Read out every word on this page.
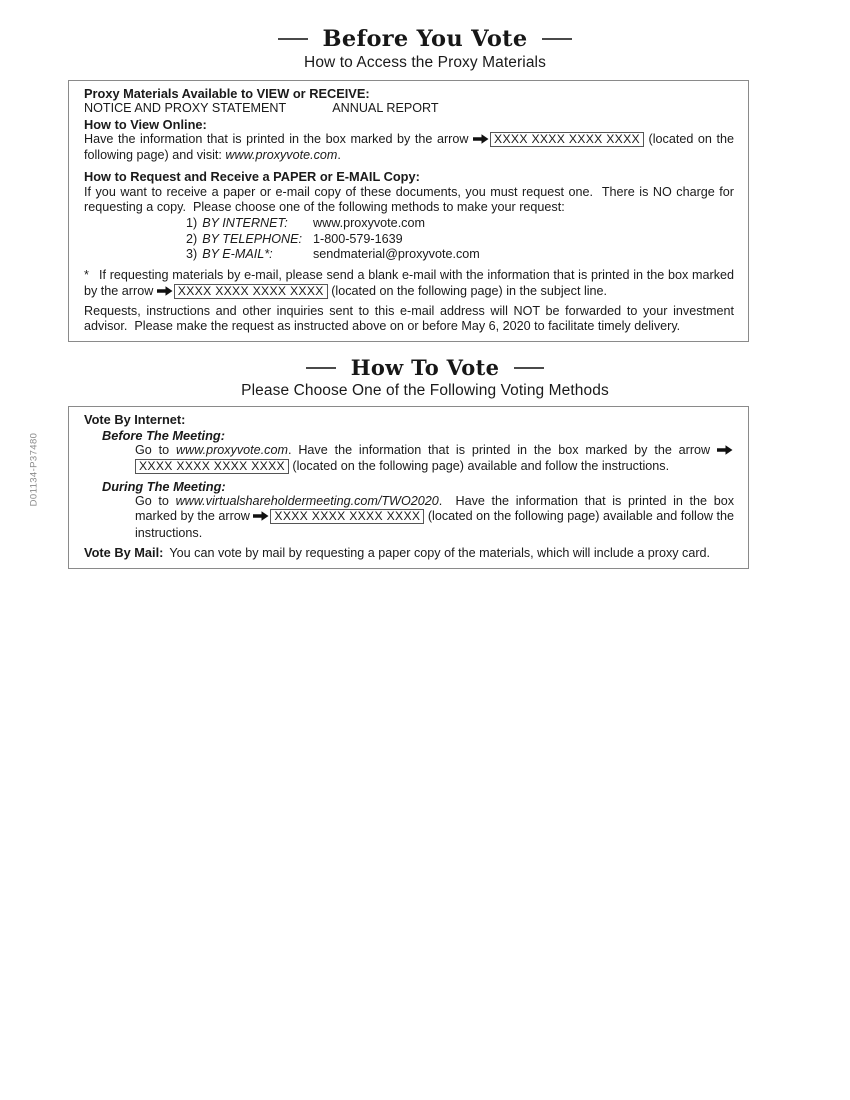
D01134-P37480
Before You Vote
How to Access the Proxy Materials

Proxy Materials Available to VIEW or RECEIVE:

NOTICE AND PROXY STATEMENT	ANNUAL REPORT

How to View Online:

Have the information that is printed in the box marked by the arrow XXXX XXXX XXXX XXXX (located on the following page) and visit: www.proxyvote.com.

How to Request and Receive a PAPER or E-MAIL Copy:

If you want to receive a paper or e-mail copy of these documents, you must request one.  There is NO charge for requesting a copy.  Please choose one of the following methods to make your request:

1) BY INTERNET:	www.proxyvote.com
2) BY TELEPHONE: 1-800-579-1639
3) BY E-MAIL*:	sendmaterial@proxyvote.com

* If requesting materials by e-mail, please send a blank e-mail with the information that is printed in the box marked by the arrow XXXX XXXX XXXX XXXX (located on the following page) in the subject line.

Requests, instructions and other inquiries sent to this e-mail address will NOT be forwarded to your investment advisor.  Please make the request as instructed above on or before May 6, 2020 to facilitate timely delivery.

How To Vote
Please Choose One of the Following Voting Methods

Vote By Internet:

Before The Meeting:

Go to www.proxyvote.com. Have the information that is printed in the box marked by the arrow XXXX XXXX XXXX XXXX (located on the following page) available and follow the instructions.

During The Meeting:

Go to www.virtualshareholdermeeting.com/TWO2020.  Have the information that is printed in the box marked by the arrow XXXX XXXX XXXX XXXX (located on the following page) available and follow the instructions.

Vote By Mail: You can vote by mail by requesting a paper copy of the materials, which will include a proxy card.
